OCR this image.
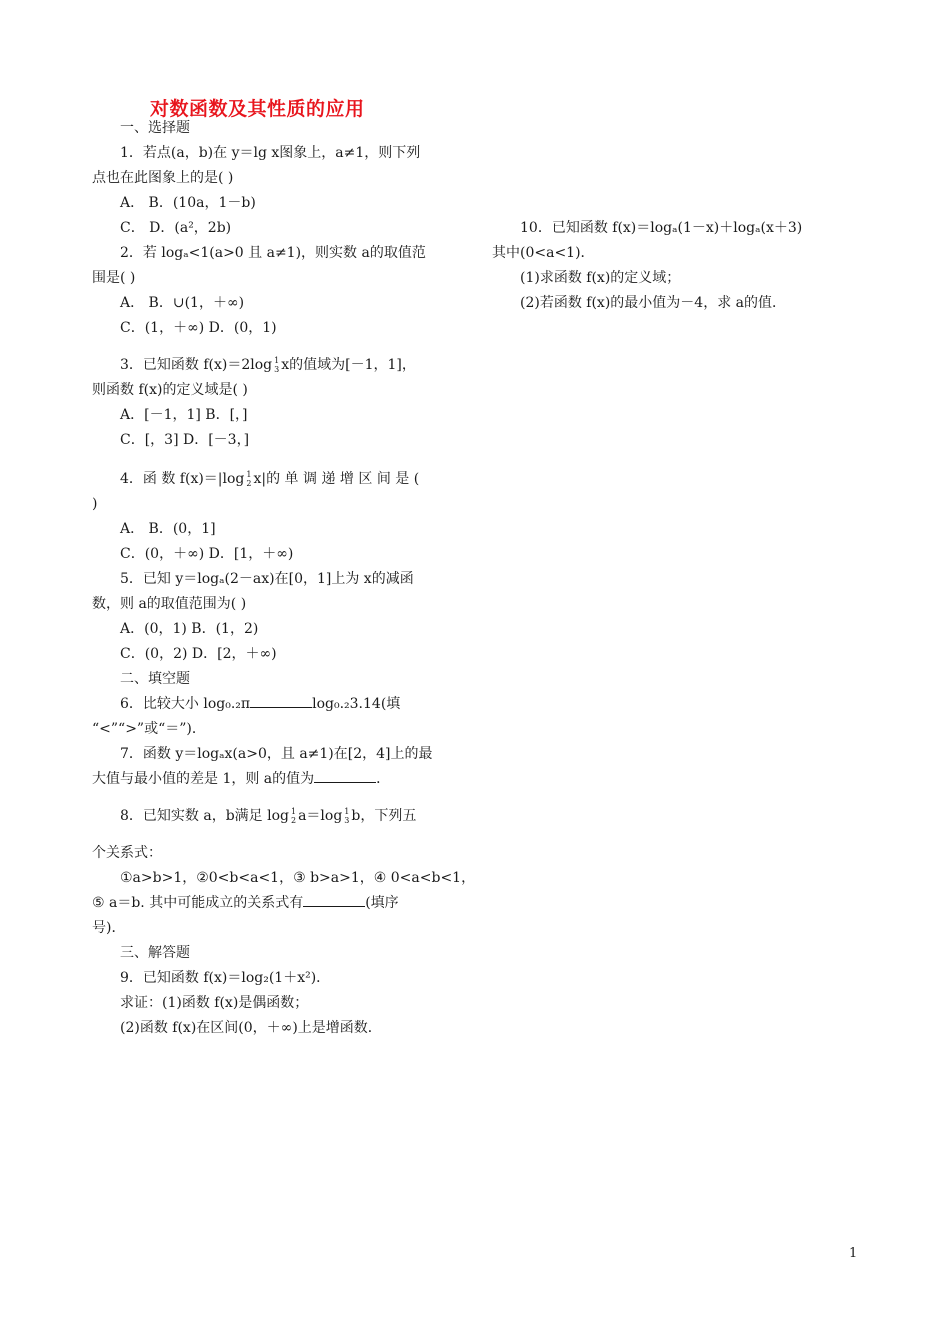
对数函数及其性质的应用
一、选择题
1．若点(a，b)在 y＝lg x图象上，a≠1，则下列
点也在此图象上的是( )
A． B．(10a，1－b)
C． D．(a²，2b)
2．若 logₐ<1(a>0 且 a≠1)，则实数 a的取值范
围是( )
A． B．∪(1，＋∞)
C．(1，＋∞) D．(0，1)
3．已知函数 f(x)＝2log 1
3 x的值域为[－1，1]，
则函数 f(x)的定义域是( )
A．[－1，1] B．[，]
C．[，3] D．[－3，]
4．函 数 f(x)＝|log 1
2 x|的 单 调 递 增 区 间 是 (
)
A． B．(0，1]
C．(0，＋∞) D．[1，＋∞)
5．已知 y＝logₐ(2－ax)在[0，1]上为 x的减函
数，则 a的取值范围为( )
A．(0，1) B．(1，2)
C．(0，2) D．[2，＋∞)
二、填空题
6．比较大小 log₀.₂π	log₀.₂3.14(填
“<”“>”或“＝”)．
7．函数 y＝logₐx(a>0，且 a≠1)在[2，4]上的最
大值与最小值的差是 1，则 a的值为	．
8．已知实数 a，b满足 log 1
2 a＝log 1
3 b，下列五
个关系式：
①a>b>1，②0<b<a<1，③ b>a>1，④ 0<a<b<1，
⑤ a＝b. 其中可能成立的关系式有	(填序
号)．
三、解答题
9．已知函数 f(x)＝log₂(1＋x²)．
求证：(1)函数 f(x)是偶函数；
(2)函数 f(x)在区间(0，＋∞)上是增函数．
10．已知函数 f(x)＝logₐ(1－x)＋logₐ(x＋3)
其中(0<a<1)．
(1)求函数 f(x)的定义域；
(2)若函数 f(x)的最小值为－4，求 a的值．
1
